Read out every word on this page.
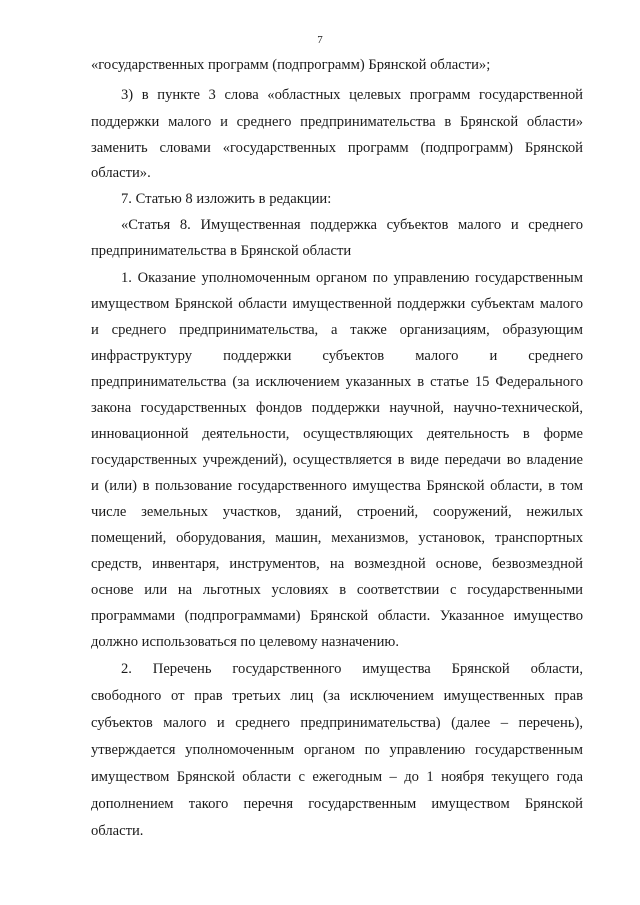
7
«государственных программ (подпрограмм) Брянской области»;
3) в пункте 3 слова «областных целевых программ государственной
поддержки малого и среднего предпринимательства в Брянской области»
заменить словами «государственных программ (подпрограмм) Брянской
области».
7. Статью 8 изложить в редакции:
«Статья 8. Имущественная поддержка субъектов малого и среднего
предпринимательства в Брянской области
1. Оказание уполномоченным органом по управлению государственным
имуществом Брянской области имущественной поддержки субъектам малого
и среднего предпринимательства, а также организациям, образующим
инфраструктуру поддержки субъектов малого и среднего
предпринимательства (за исключением указанных в статье 15 Федерального
закона государственных фондов поддержки научной, научно-технической,
инновационной деятельности, осуществляющих деятельность в форме
государственных учреждений), осуществляется в виде передачи во владение
и (или) в пользование государственного имущества Брянской области, в том
числе земельных участков, зданий, строений, сооружений, нежилых
помещений, оборудования, машин, механизмов, установок, транспортных
средств, инвентаря, инструментов, на возмездной основе, безвозмездной
основе или на льготных условиях в соответствии с государственными
программами (подпрограммами) Брянской области. Указанное имущество
должно использоваться по целевому назначению.
2. Перечень государственного имущества Брянской области,
свободного от прав третьих лиц (за исключением имущественных прав
субъектов малого и среднего предпринимательства) (далее – перечень),
утверждается уполномоченным органом по управлению государственным
имуществом Брянской области с ежегодным – до 1 ноября текущего года
дополнением такого перечня государственным имуществом Брянской
области.
